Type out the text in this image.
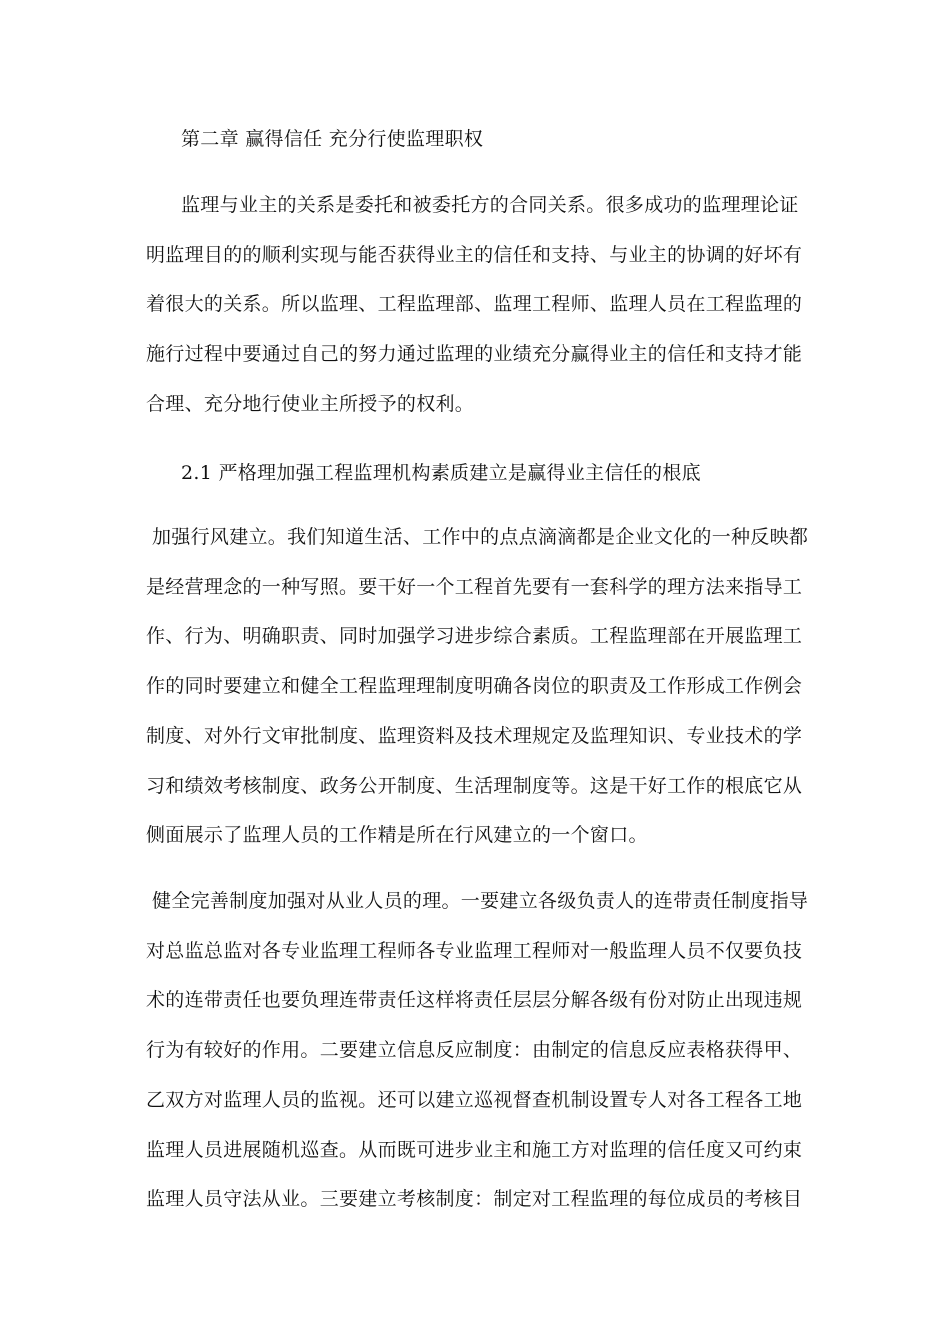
第二章 赢得信任 充分行使监理职权
监理与业主的关系是委托和被委托方的合同关系。很多成功的监理理论证
明监理目的的顺利实现与能否获得业主的信任和支持、与业主的协调的好坏有
着很大的关系。所以监理、工程监理部、监理工程师、监理人员在工程监理的
施行过程中要通过自己的努力通过监理的业绩充分赢得业主的信任和支持才能
合理、充分地行使业主所授予的权利。
2.1 严格理加强工程监理机构素质建立是赢得业主信任的根底
加强行风建立。我们知道生活、工作中的点点滴滴都是企业文化的一种反映都
是经营理念的一种写照。要干好一个工程首先要有一套科学的理方法来指导工
作、行为、明确职责、同时加强学习进步综合素质。工程监理部在开展监理工
作的同时要建立和健全工程监理理制度明确各岗位的职责及工作形成工作例会
制度、对外行文审批制度、监理资料及技术理规定及监理知识、专业技术的学
习和绩效考核制度、政务公开制度、生活理制度等。这是干好工作的根底它从
侧面展示了监理人员的工作精是所在行风建立的一个窗口。
健全完善制度加强对从业人员的理。一要建立各级负责人的连带责任制度指导
对总监总监对各专业监理工程师各专业监理工程师对一般监理人员不仅要负技
术的连带责任也要负理连带责任这样将责任层层分解各级有份对防止出现违规
行为有较好的作用。二要建立信息反应制度：由制定的信息反应表格获得甲、
乙双方对监理人员的监视。还可以建立巡视督查机制设置专人对各工程各工地
监理人员进展随机巡查。从而既可进步业主和施工方对监理的信任度又可约束
监理人员守法从业。三要建立考核制度：制定对工程监理的每位成员的考核目
